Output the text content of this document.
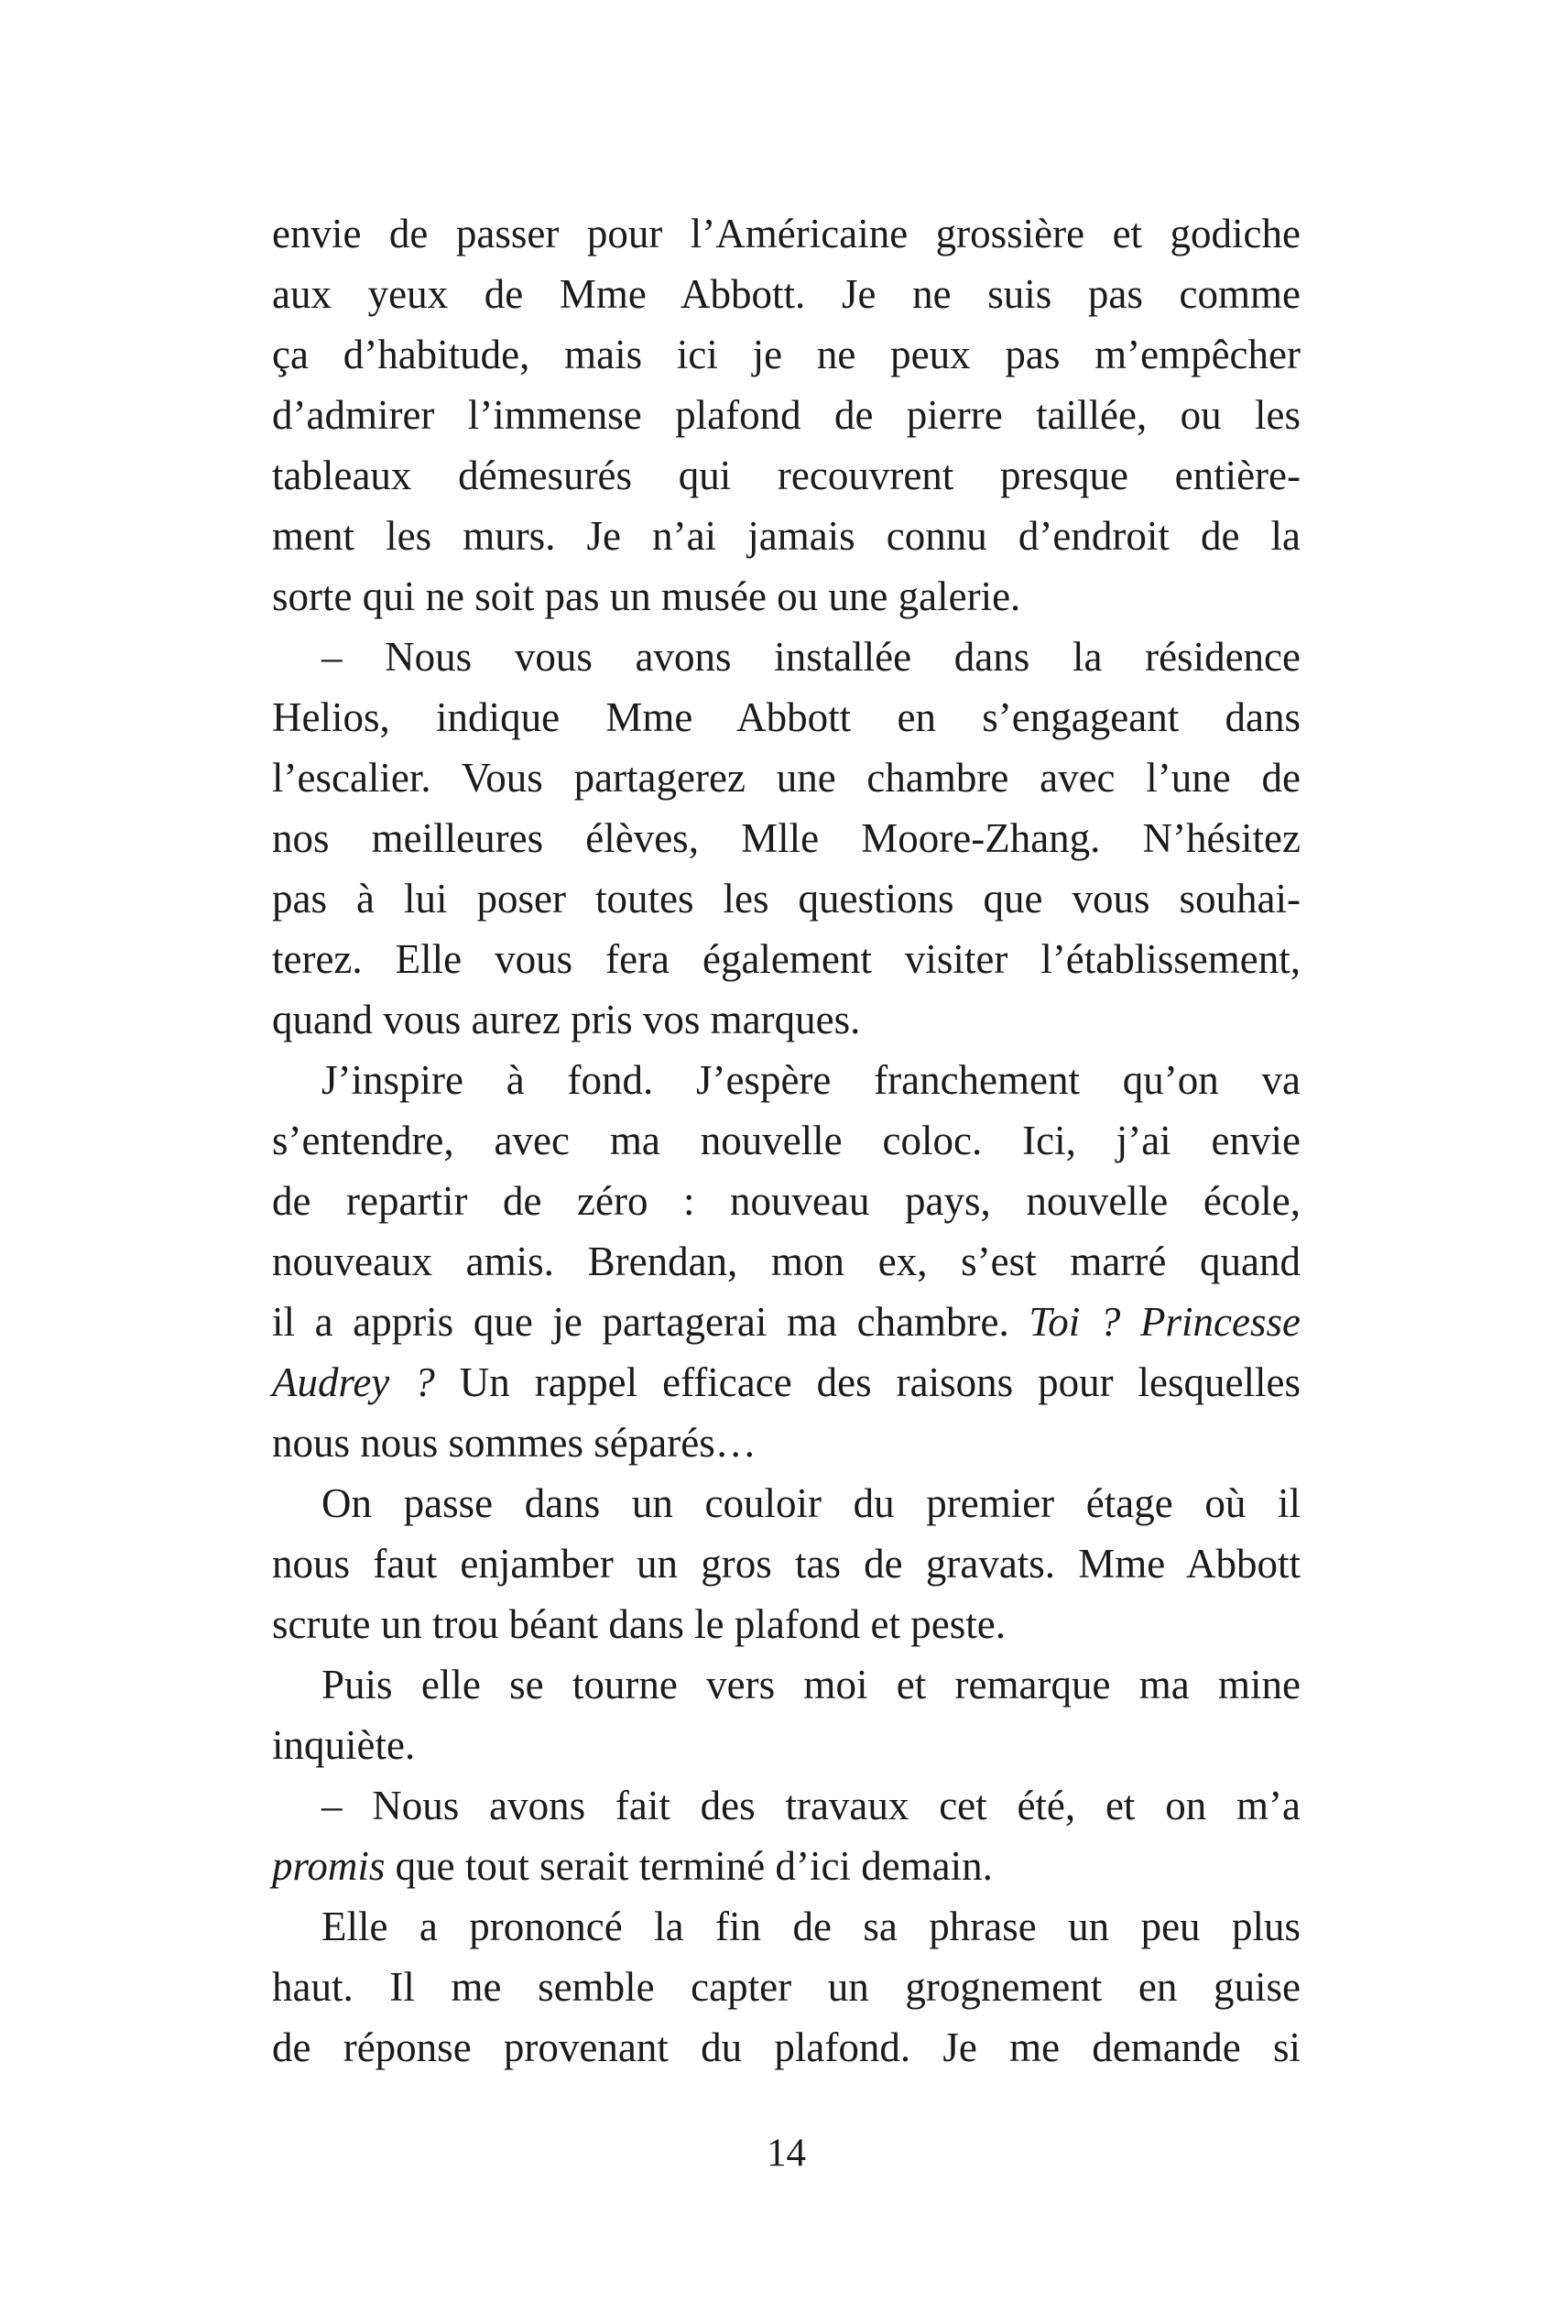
envie de passer pour l’Américaine grossière et godiche
aux yeux de Mme Abbott. Je ne suis pas comme
ça d’habitude, mais ici je ne peux pas m’empêcher
d’admirer l’immense plafond de pierre taillée, ou les
tableaux démesurés qui recouvrent presque entière-
ment les murs. Je n’ai jamais connu d’endroit de la
sorte qui ne soit pas un musée ou une galerie.
– Nous vous avons installée dans la résidence
Helios, indique Mme Abbott en s’engageant dans
l’escalier. Vous partagerez une chambre avec l’une de
nos meilleures élèves, Mlle Moore-Zhang. N’hésitez
pas à lui poser toutes les questions que vous souhai-
terez. Elle vous fera également visiter l’établissement,
quand vous aurez pris vos marques.
J’inspire à fond. J’espère franchement qu’on va
s’entendre, avec ma nouvelle coloc. Ici, j’ai envie
de repartir de zéro : nouveau pays, nouvelle école,
nouveaux amis. Brendan, mon ex, s’est marré quand
il a appris que je partagerai ma chambre. Toi ? Princesse
Audrey ? Un rappel efficace des raisons pour lesquelles
nous nous sommes séparés…
On passe dans un couloir du premier étage où il
nous faut enjamber un gros tas de gravats. Mme Abbott
scrute un trou béant dans le plafond et peste.
Puis elle se tourne vers moi et remarque ma mine
inquiète.
– Nous avons fait des travaux cet été, et on m’a
promis que tout serait terminé d’ici demain.
Elle a prononcé la fin de sa phrase un peu plus
haut. Il me semble capter un grognement en guise
de réponse provenant du plafond. Je me demande si
14
